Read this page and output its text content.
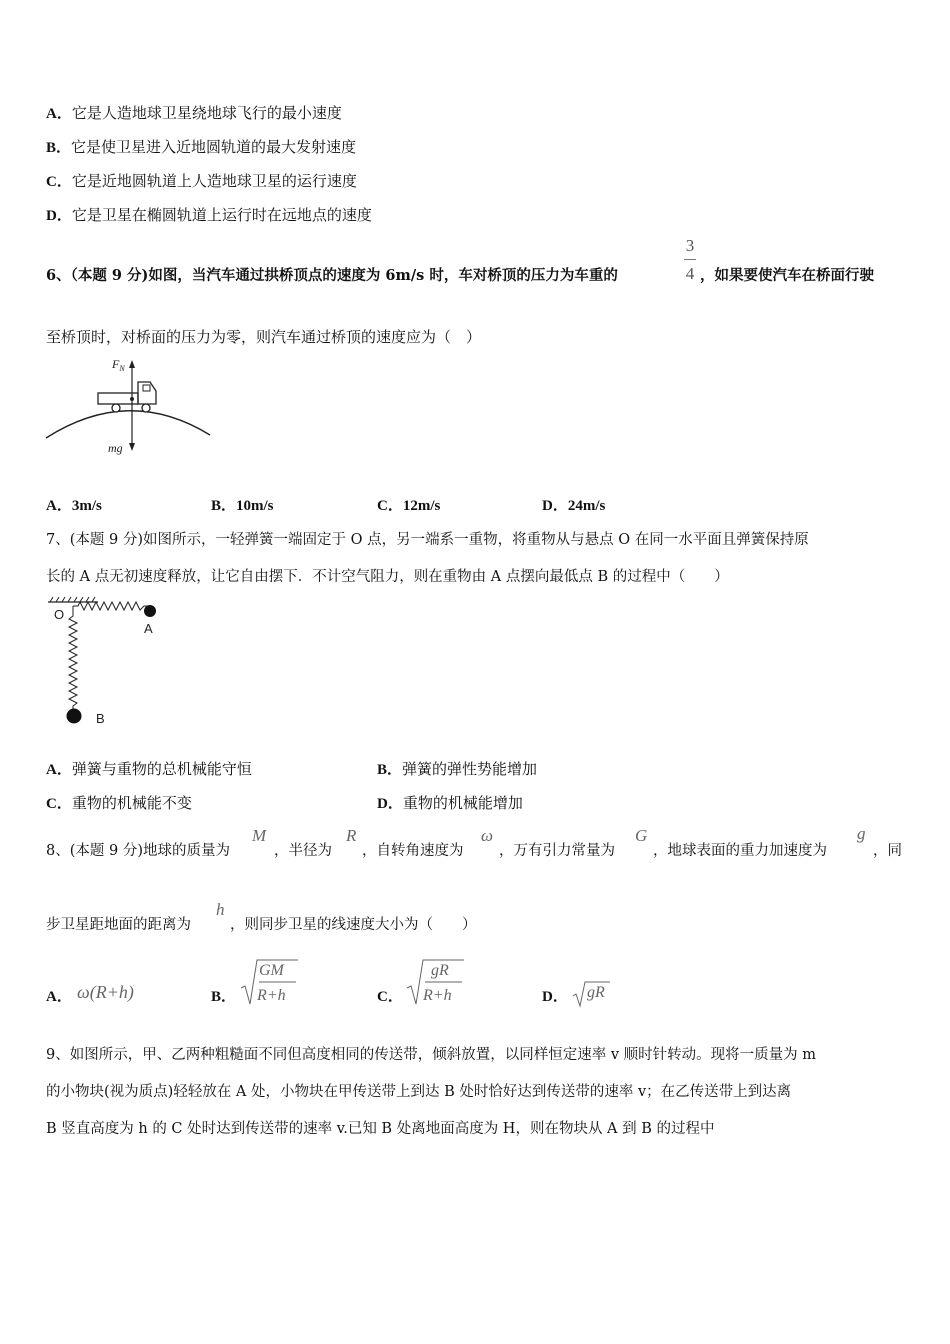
A．它是人造地球卫星绕地球飞行的最小速度
B．它是使卫星进入近地圆轨道的最大发射速度
C．它是近地圆轨道上人造地球卫星的运行速度
D．它是卫星在椭圆轨道上运行时在远地点的速度
6、（本题 9 分)如图，当汽车通过拱桥顶点的速度为 6m/s 时，车对桥顶的压力为车重的
3
4 ，如果要使汽车在桥面行驶
至桥顶时，对桥面的压力为零，则汽车通过桥顶的速度应为（　）
$F_N$
mg
A．3m/s	B．10m/s	C．12m/s	D．24m/s
7、(本题 9 分)如图所示，一轻弹簧一端固定于 O 点，另一端系一重物，将重物从与悬点 O 在同一水平面且弹簧保持原
长的 A 点无初速度释放，让它自由摆下．不计空气阻力，则在重物由 A 点摆向最低点 B 的过程中（　　）
O
A
B
A．弹簧与重物的总机械能守恒	B．弹簧的弹性势能增加
C．重物的机械能不变	D．重物的机械能增加
8、(本题 9 分)地球的质量为
M
，半径为
R
，自转角速度为
ω
，万有引力常量为
G
，地球表面的重力加速度为
g
，同
步卫星距地面的距离为
h
，则同步卫星的线速度大小为（　　）
A． ω(R+h)	B．
GM
R+h	C．
gR
R+h	D． gR
9、如图所示，甲、乙两种粗糙面不同但高度相同的传送带，倾斜放置，以同样恒定速率 v 顺时针转动。现将一质量为 m
的小物块(视为质点)轻轻放在 A 处，小物块在甲传送带上到达 B 处时恰好达到传送带的速率 v；在乙传送带上到达离
B 竖直高度为 h 的 C 处时达到传送带的速率 v.已知 B 处离地面高度为 H，则在物块从 A 到 B 的过程中
